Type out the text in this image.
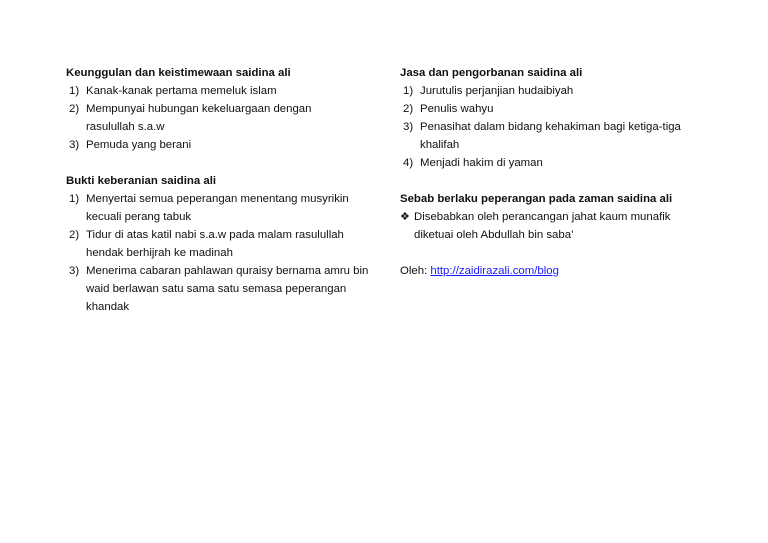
Keunggulan dan keistimewaan saidina ali

1) Kanak-kanak pertama memeluk islam
2) Mempunyai hubungan kekeluargaan dengan rasulullah s.a.w
3) Pemuda yang berani

Bukti keberanian saidina ali

1) Menyertai semua peperangan menentang musyrikin kecuali perang tabuk
2) Tidur di atas katil nabi s.a.w pada malam rasulullah hendak berhijrah ke madinah
3) Menerima cabaran pahlawan quraisy bernama amru bin waid berlawan satu sama satu semasa peperangan khandak

Jasa dan pengorbanan saidina ali

1) Jurutulis perjanjian hudaibiyah
2) Penulis wahyu
3) Penasihat dalam bidang kehakiman bagi ketiga-tiga khalifah
4) Menjadi hakim di yaman

Sebab berlaku peperangan pada zaman saidina ali

❖ Disebabkan oleh perancangan jahat kaum munafik diketuai oleh Abdullah bin saba’
Oleh: http://zaidirazali.com/blog
